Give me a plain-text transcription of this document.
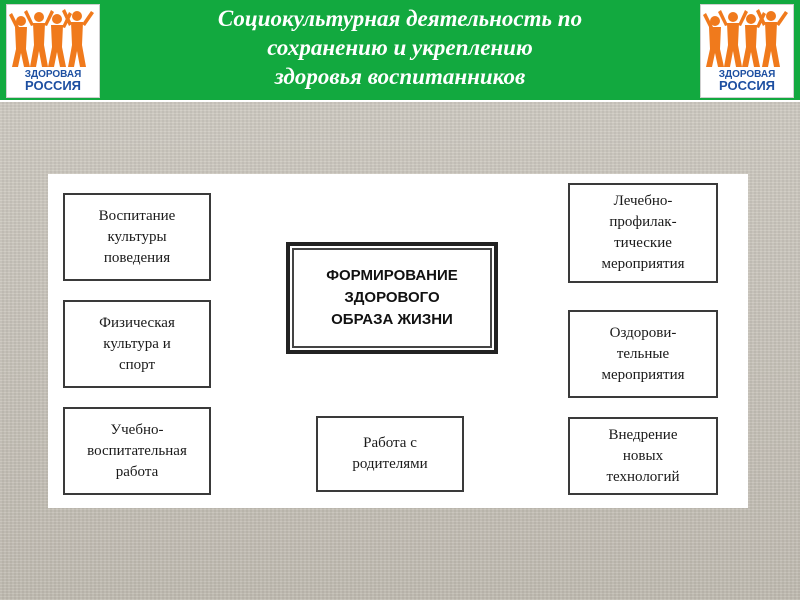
ЗДОРОВАЯ
РОССИЯ
Социокультурная деятельность по
сохранению и укреплению
здоровья воспитанников	ЗДОРОВАЯ
РОССИЯ
Воспитание
культуры
поведения
Физическая
культура и
спорт
Учебно-
воспитательная
работа
ФОРМИРОВАНИЕ
ЗДОРОВОГО
ОБРАЗА ЖИЗНИ
Работа с
родителями
Лечебно-
профилак-
тические
мероприятия
Оздорови-
тельные
мероприятия
Внедрение
новых
технологий
